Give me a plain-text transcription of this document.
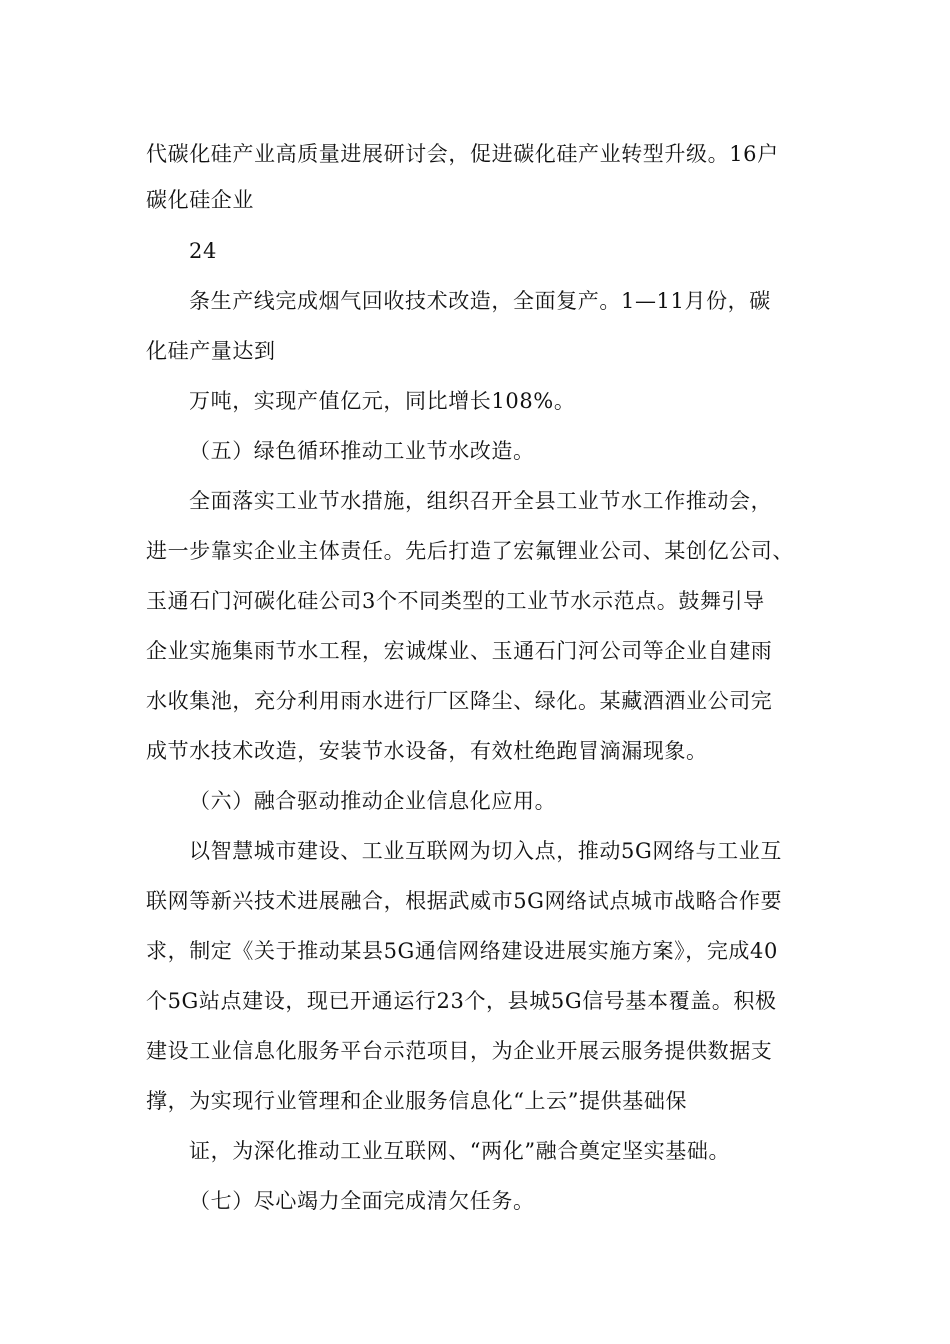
代碳化硅产业高质量进展研讨会，促进碳化硅产业转型升级。16户
碳化硅企业
24
条生产线完成烟气回收技术改造，全面复产。1—11月份，碳
化硅产量达到
万吨，实现产值亿元，同比增长108%。
（五）绿色循环推动工业节水改造。
全面落实工业节水措施，组织召开全县工业节水工作推动会，
进一步靠实企业主体责任。先后打造了宏氟锂业公司、某创亿公司、
玉通石门河碳化硅公司3个不同类型的工业节水示范点。鼓舞引导
企业实施集雨节水工程，宏诚煤业、玉通石门河公司等企业自建雨
水收集池，充分利用雨水进行厂区降尘、绿化。某藏酒酒业公司完
成节水技术改造，安装节水设备，有效杜绝跑冒滴漏现象。
（六）融合驱动推动企业信息化应用。
以智慧城市建设、工业互联网为切入点，推动5G网络与工业互
联网等新兴技术进展融合，根据武威市5G网络试点城市战略合作要
求，制定《关于推动某县5G通信网络建设进展实施方案》，完成40
个5G站点建设，现已开通运行23个，县城5G信号基本覆盖。积极
建设工业信息化服务平台示范项目，为企业开展云服务提供数据支
撑，为实现行业管理和企业服务信息化“上云”提供基础保
证，为深化推动工业互联网、“两化”融合奠定坚实基础。
（七）尽心竭力全面完成清欠任务。
